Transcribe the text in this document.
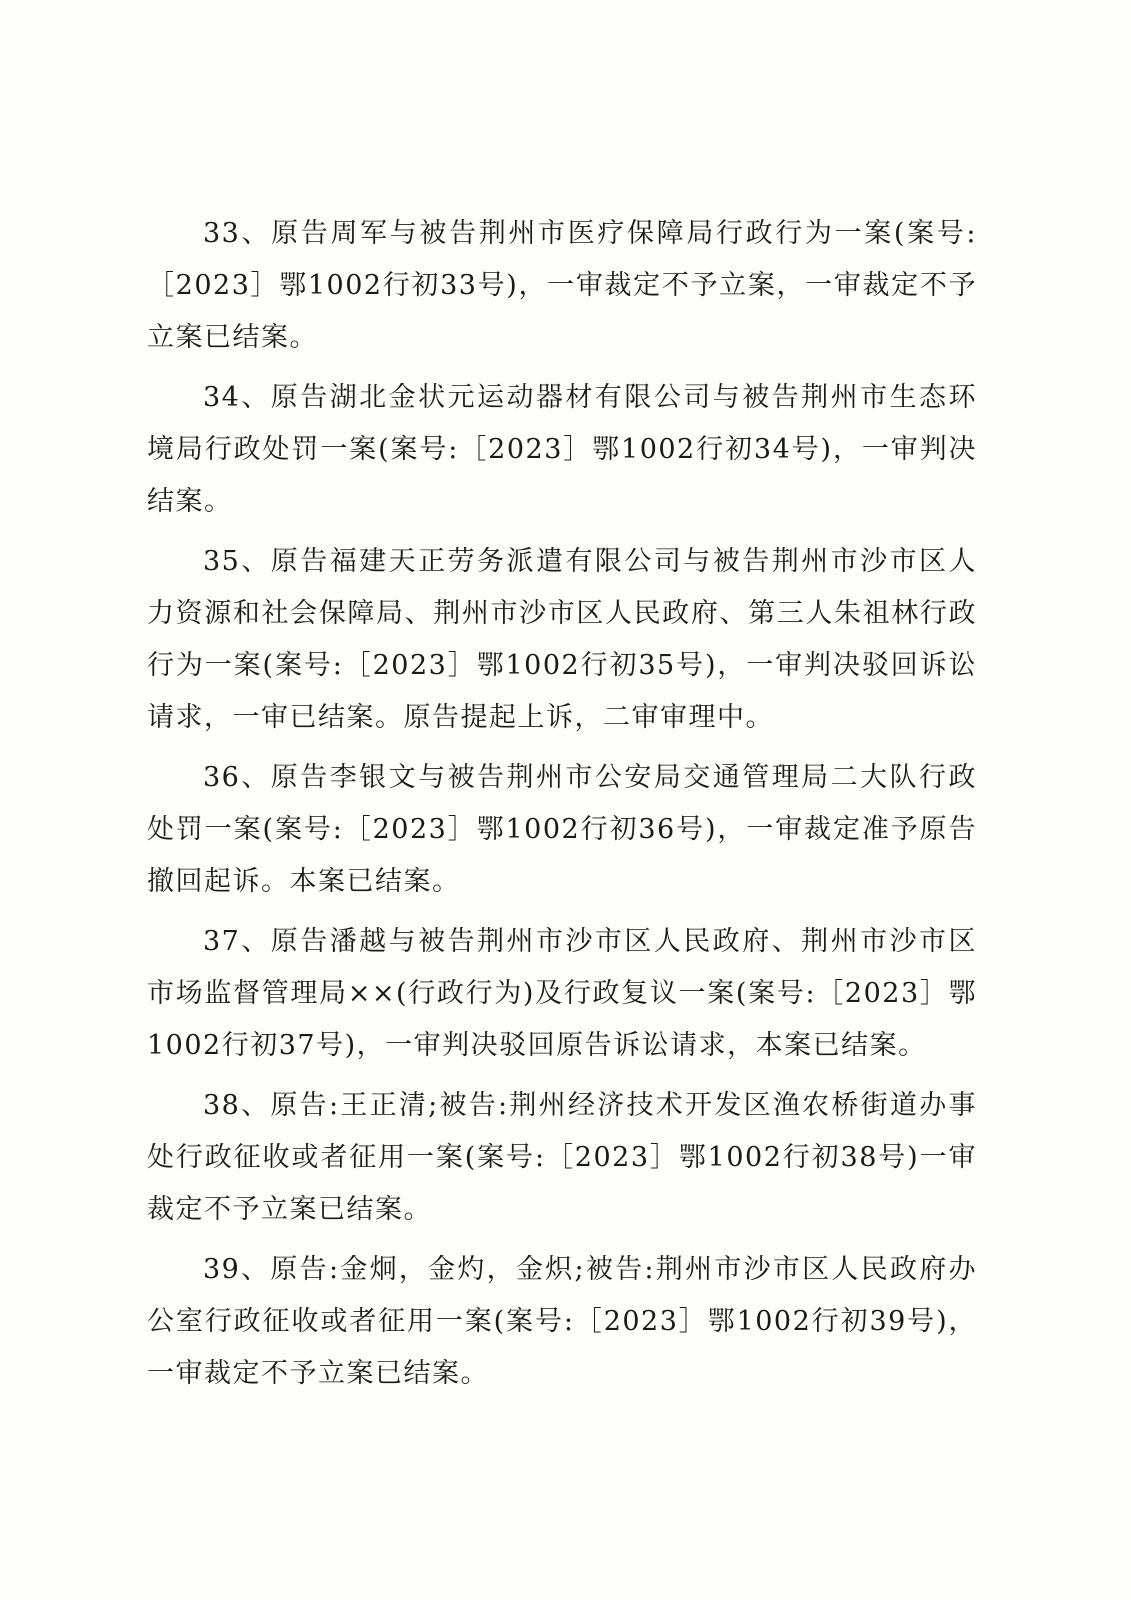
33、原告周军与被告荆州市医疗保障局行政行为一案(案号:［2023］鄂1002行初33号)，一审裁定不予立案，一审裁定不予立案已结案。

34、原告湖北金状元运动器材有限公司与被告荆州市生态环境局行政处罚一案(案号:［2023］鄂1002行初34号)，一审判决结案。

35、原告福建天正劳务派遣有限公司与被告荆州市沙市区人力资源和社会保障局、荆州市沙市区人民政府、第三人朱祖林行政行为一案(案号:［2023］鄂1002行初35号)，一审判决驳回诉讼请求，一审已结案。原告提起上诉，二审审理中。

36、原告李银文与被告荆州市公安局交通管理局二大队行政处罚一案(案号:［2023］鄂1002行初36号)，一审裁定准予原告撤回起诉。本案已结案。

37、原告潘越与被告荆州市沙市区人民政府、荆州市沙市区市场监督管理局××(行政行为)及行政复议一案(案号:［2023］鄂1002行初37号)，一审判决驳回原告诉讼请求，本案已结案。

38、原告:王正清;被告:荆州经济技术开发区渔农桥街道办事处行政征收或者征用一案(案号:［2023］鄂1002行初38号)一审裁定不予立案已结案。

39、原告:金炯，金灼，金炽;被告:荆州市沙市区人民政府办公室行政征收或者征用一案(案号:［2023］鄂1002行初39号)，一审裁定不予立案已结案。
